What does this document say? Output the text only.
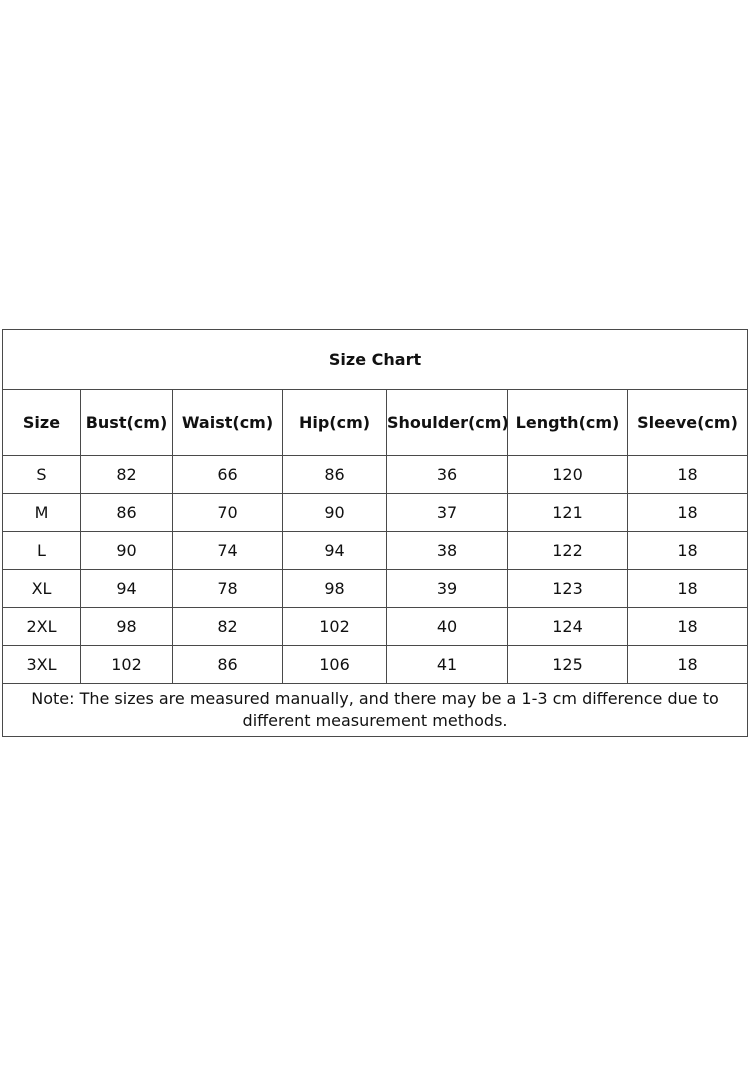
Size Chart						
Size	Bust(cm)	Waist(cm)	Hip(cm)	Shoulder(cm)	Length(cm)	Sleeve(cm)
S	82	66	86	36	120	18
M	86	70	90	37	121	18
L	90	74	94	38	122	18
XL	94	78	98	39	123	18
2XL	98	82	102	40	124	18
3XL	102	86	106	41	125	18
Note: The sizes are measured manually, and there may be a 1-3 cm difference due to different measurement methods.						
